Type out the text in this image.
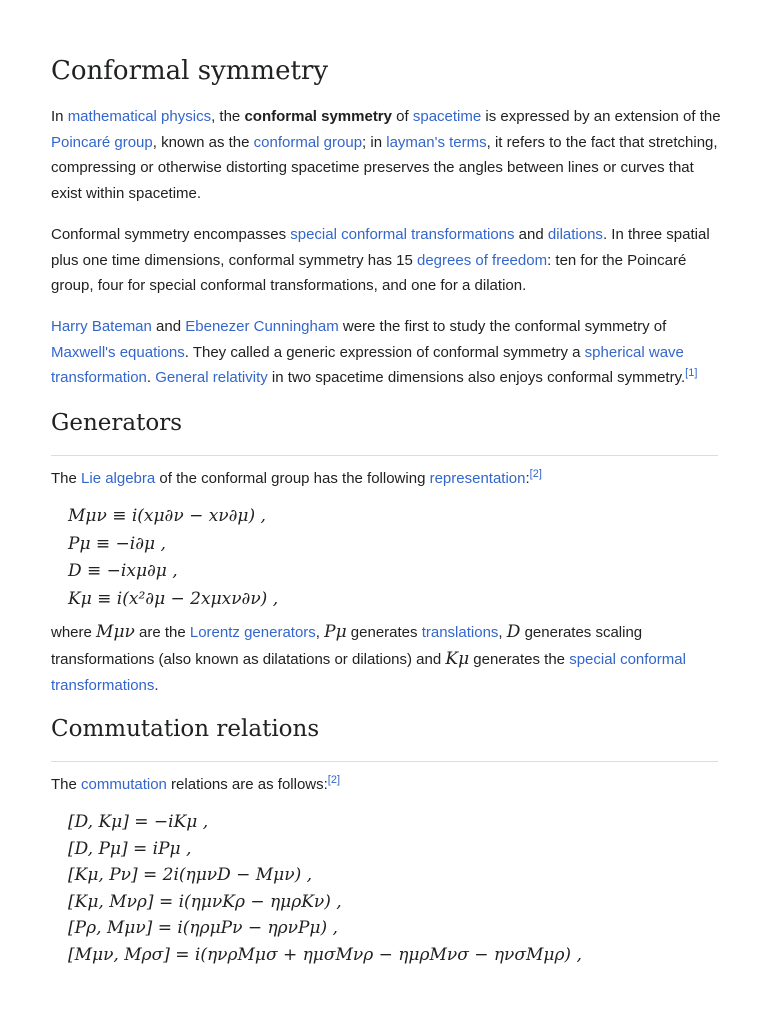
Conformal symmetry

In mathematical physics, the conformal symmetry of spacetime is expressed by an extension of the Poincaré group, known as the conformal group; in layman's terms, it refers to the fact that stretching, compressing or otherwise distorting spacetime preserves the angles between lines or curves that exist within spacetime.

Conformal symmetry encompasses special conformal transformations and dilations. In three spatial plus one time dimensions, conformal symmetry has 15 degrees of freedom: ten for the Poincaré group, four for special conformal transformations, and one for a dilation.

Harry Bateman and Ebenezer Cunningham were the first to study the conformal symmetry of Maxwell's equations. They called a generic expression of conformal symmetry a spherical wave transformation. General relativity in two spacetime dimensions also enjoys conformal symmetry.[1]

Generators

The Lie algebra of the conformal group has the following representation:[2]

Mμν ≡ i(xμ∂ν − xν∂μ) ,
Pμ ≡ −i∂μ ,
D ≡ −ixμ∂μ ,
Kμ ≡ i(x²∂μ − 2xμxν∂ν) ,

where Mμν are the Lorentz generators, Pμ generates translations, D generates scaling transformations (also known as dilatations or dilations) and Kμ generates the special conformal transformations.

Commutation relations

The commutation relations are as follows:[2]

[D, Kμ] = −iKμ ,
[D, Pμ] = iPμ ,
[Kμ, Pν] = 2i(ημνD − Mμν) ,
[Kμ, Mνρ] = i(ημνKρ − ημρKν) ,
[Pρ, Mμν] = i(ηρμPν − ηρνPμ) ,
[Mμν, Mρσ] = i(ηνρMμσ + ημσMνρ − ημρMνσ − ηνσMμρ) ,
